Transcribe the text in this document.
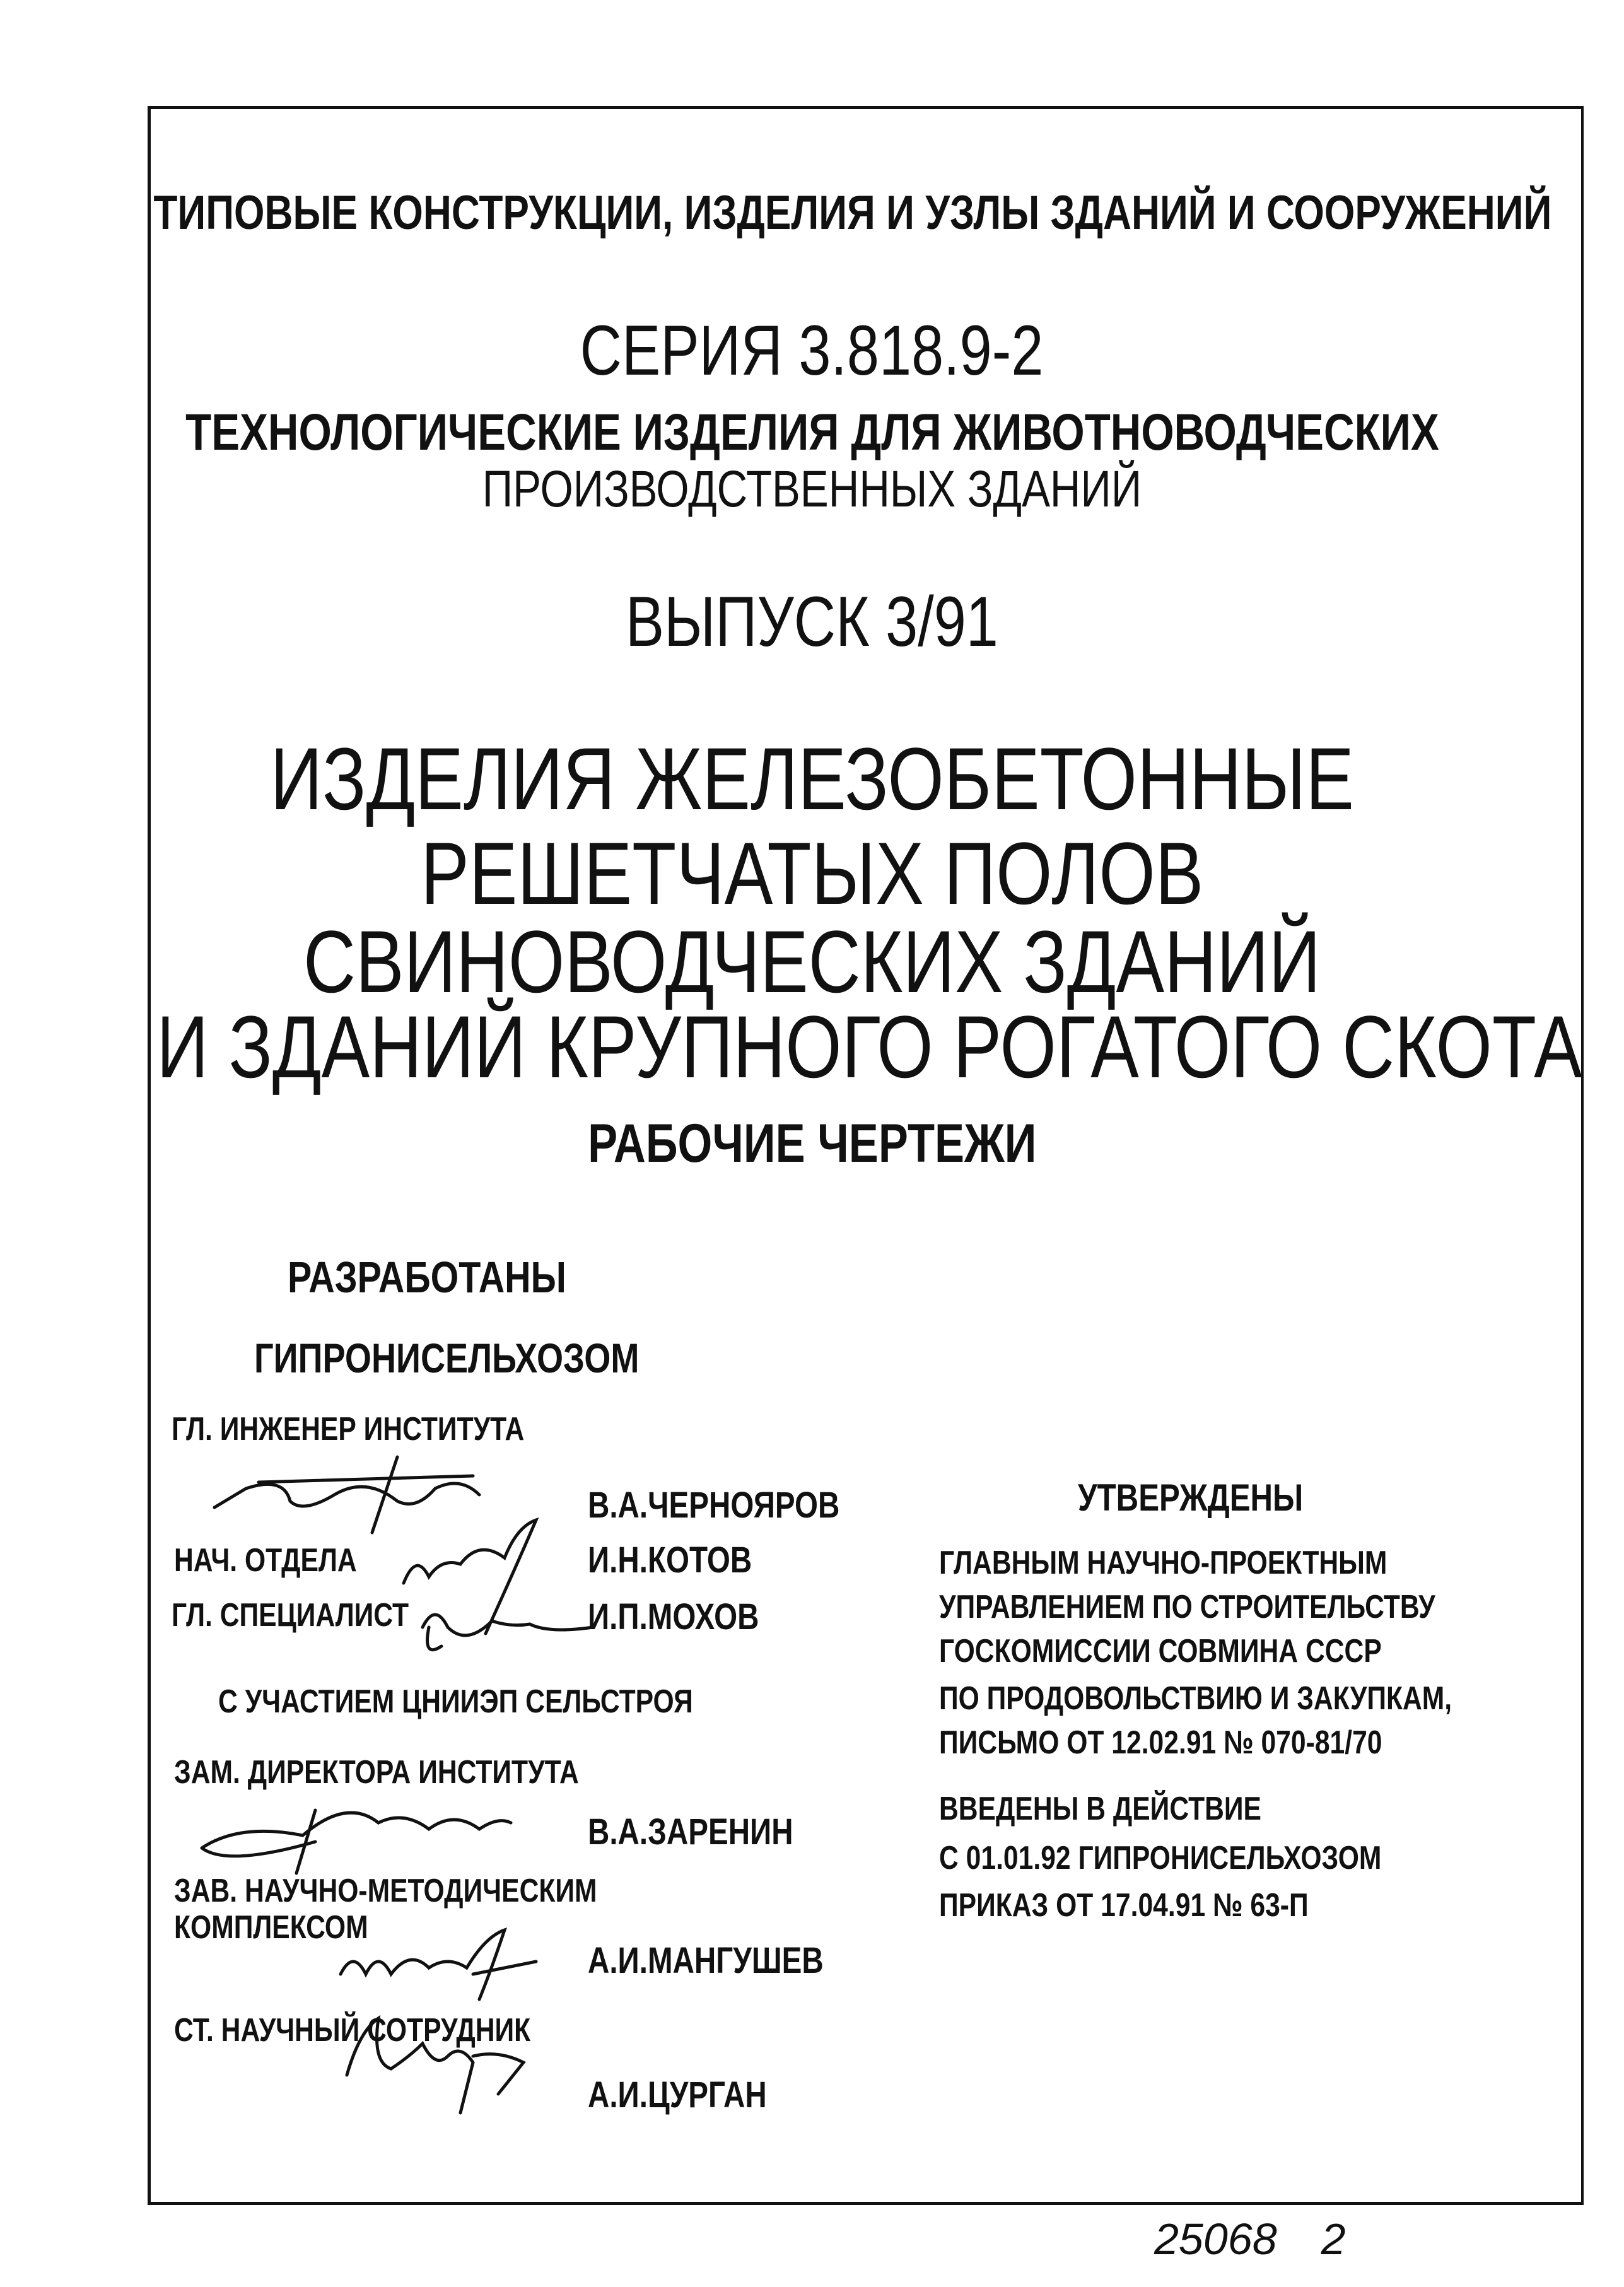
ТИПОВЫЕ КОНСТРУКЦИИ, ИЗДЕЛИЯ И УЗЛЫ ЗДАНИЙ И СООРУЖЕНИЙ
СЕРИЯ 3.818.9-2
ТЕХНОЛОГИЧЕСКИЕ ИЗДЕЛИЯ ДЛЯ ЖИВОТНОВОДЧЕСКИХ
ПРОИЗВОДСТВЕННЫХ ЗДАНИЙ
ВЫПУСК 3/91
ИЗДЕЛИЯ ЖЕЛЕЗОБЕТОННЫЕ
РЕШЕТЧАТЫХ ПОЛОВ
СВИНОВОДЧЕСКИХ ЗДАНИЙ
И ЗДАНИЙ КРУПНОГО РОГАТОГО СКОТА
РАБОЧИЕ ЧЕРТЕЖИ
РАЗРАБОТАНЫ
ГИПРОНИСЕЛЬХОЗОМ
ГЛ. ИНЖЕНЕР ИНСТИТУТА
В.А.ЧЕРНОЯРОВ
НАЧ. ОТДЕЛА	И.Н.КОТОВ
ГЛ. СПЕЦИАЛИСТ	И.П.МОХОВ
С УЧАСТИЕМ ЦНИИЭП СЕЛЬСТРОЯ
ЗАМ. ДИРЕКТОРА ИНСТИТУТА
В.А.ЗАРЕНИН
ЗАВ. НАУЧНО-МЕТОДИЧЕСКИМ
КОМПЛЕКСОМ
А.И.МАНГУШЕВ
СТ. НАУЧНЫЙ СОТРУДНИК
А.И.ЦУРГАН
УТВЕРЖДЕНЫ
ГЛАВНЫМ НАУЧНО-ПРОЕКТНЫМ
УПРАВЛЕНИЕМ ПО СТРОИТЕЛЬСТВУ
ГОСКОМИССИИ СОВМИНА СССР
ПО ПРОДОВОЛЬСТВИЮ И ЗАКУПКАМ,
ПИСЬМО ОТ 12.02.91 № 070-81/70
ВВЕДЕНЫ В ДЕЙСТВИЕ
С 01.01.92 ГИПРОНИСЕЛЬХОЗОМ
ПРИКАЗ ОТ 17.04.91 № 63-П
25068 2
